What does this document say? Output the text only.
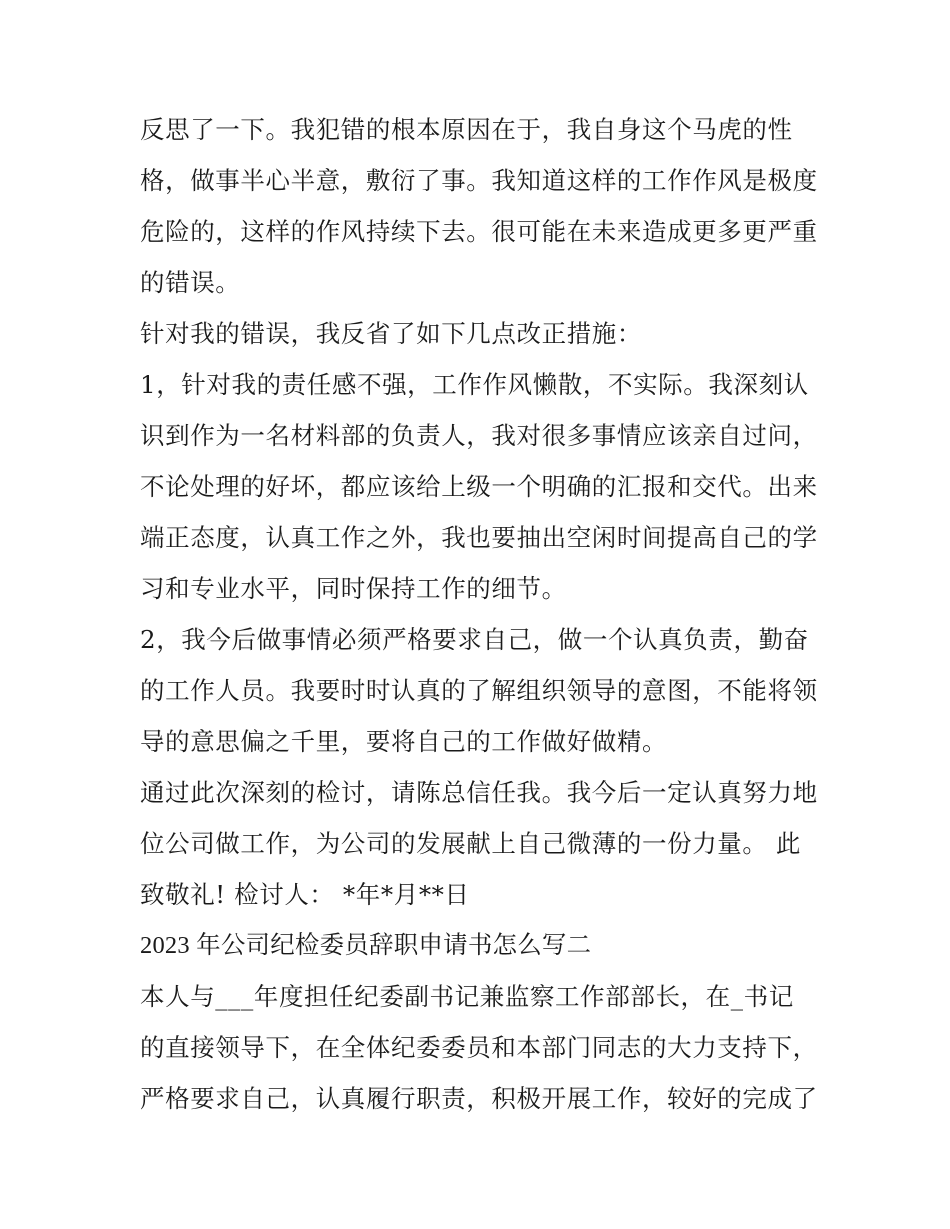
反思了一下。我犯错的根本原因在于，我自身这个马虎的性
格，做事半心半意，敷衍了事。我知道这样的工作作风是极度
危险的，这样的作风持续下去。很可能在未来造成更多更严重
的错误。
针对我的错误，我反省了如下几点改正措施：
1，针对我的责任感不强，工作作风懒散，不实际。我深刻认
识到作为一名材料部的负责人，我对很多事情应该亲自过问，
不论处理的好坏，都应该给上级一个明确的汇报和交代。出来
端正态度，认真工作之外，我也要抽出空闲时间提高自己的学
习和专业水平，同时保持工作的细节。
2，我今后做事情必须严格要求自己，做一个认真负责，勤奋
的工作人员。我要时时认真的了解组织领导的意图，不能将领
导的意思偏之千里，要将自己的工作做好做精。
通过此次深刻的检讨，请陈总信任我。我今后一定认真努力地
位公司做工作，为公司的发展献上自己微薄的一份力量。 此
致敬礼! 检讨人： *年*月**日
2023 年公司纪检委员辞职申请书怎么写二
本人与___年度担任纪委副书记兼监察工作部部长，在_书记
的直接领导下，在全体纪委委员和本部门同志的大力支持下，
严格要求自己，认真履行职责，积极开展工作，较好的完成了
